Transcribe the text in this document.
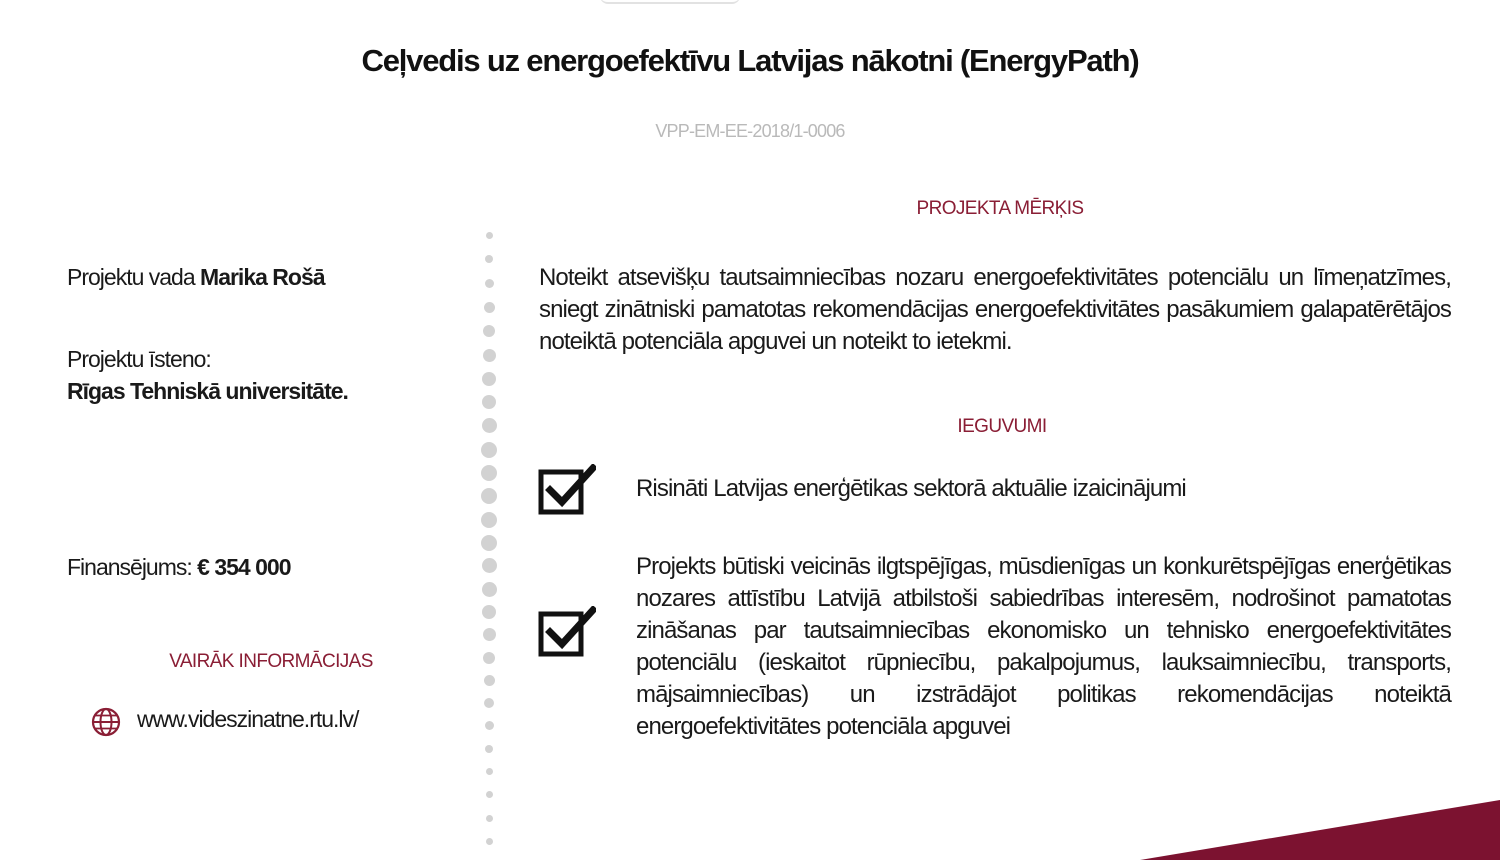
Ceļvedis uz energoefektīvu Latvijas nākotni (EnergyPath)
VPP-EM-EE-2018/1-0006
Projektu vada Marika Rošā
Projektu īsteno:
Rīgas Tehniskā universitāte.
Finansējums: € 354 000
VAIRĀK INFORMĀCIJAS
www.videszinatne.rtu.lv/
PROJEKTA MĒRĶIS
Noteikt atsevišķu tautsaimniecības nozaru energoefektivitātes potenciālu un līmeņatzīmes, sniegt zinātniski pamatotas rekomendācijas energoefektivitātes pasākumiem galapatērētājos noteiktā potenciāla apguvei un noteikt to ietekmi.
IEGUVUMI
Risināti Latvijas enerģētikas sektorā aktuālie izaicinājumi
Projekts būtiski veicinās ilgtspējīgas, mūsdienīgas un konkurētspējīgas enerģētikas nozares attīstību Latvijā atbilstoši sabiedrības interesēm, nodrošinot pamatotas zināšanas par tautsaimniecības ekonomisko un tehnisko energoefektivitātes potenciālu (ieskaitot rūpniecību, pakalpojumus, lauksaimniecību, transports, mājsaimniecības) un izstrādājot politikas rekomendācijas noteiktā energoefektivitātes potenciāla apguvei
